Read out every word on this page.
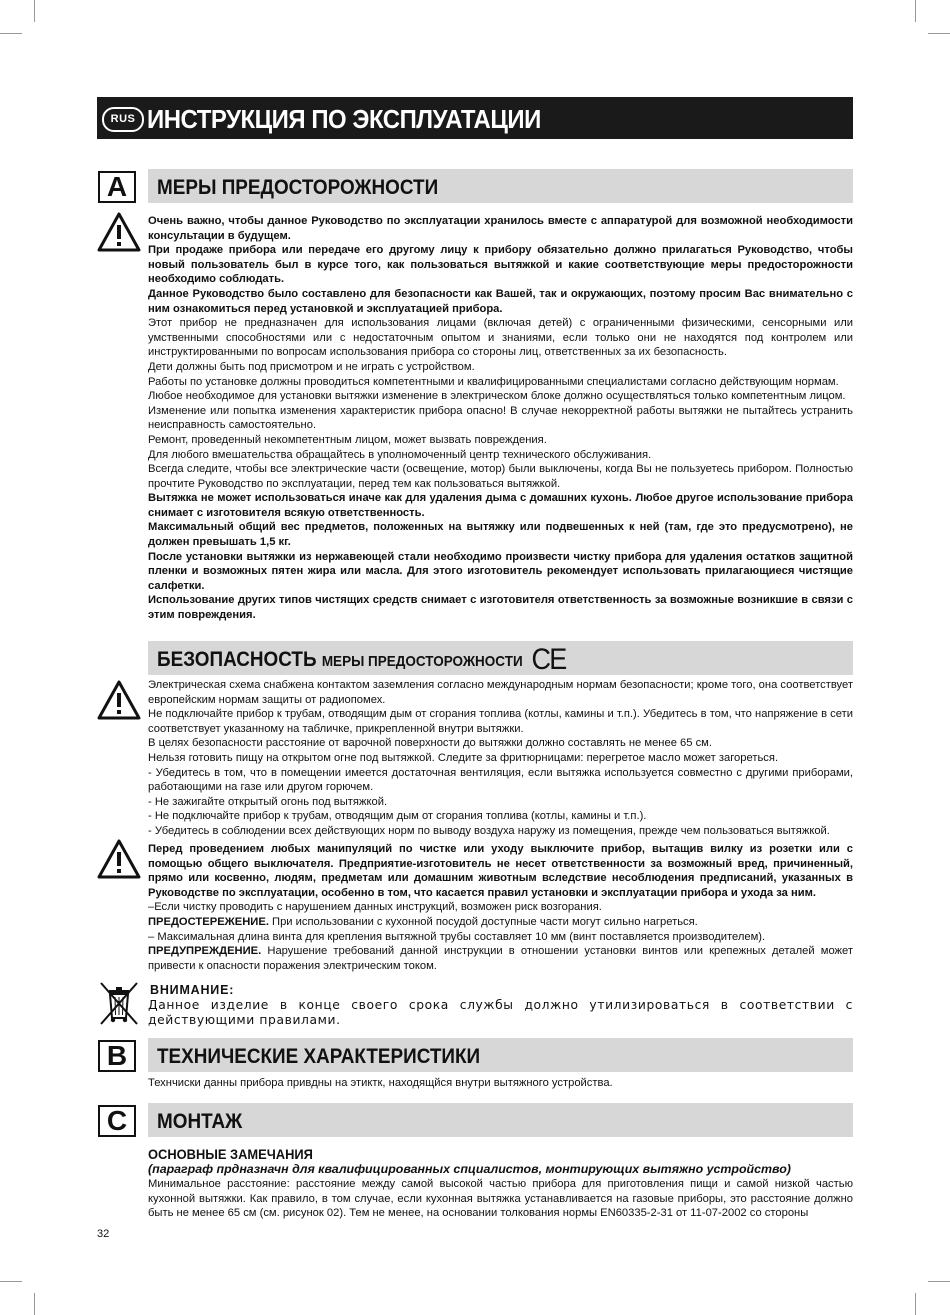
RUS ИНСТРУКЦИЯ ПО ЭКСПЛУАТАЦИИ
A	МЕРЫ ПРЕДОСТОРОЖНОСТИ

Очень важно, чтобы данное Руководство по эксплуатации хранилось вместе с аппаратурой для возможной необходимости консультации в будущем.

При продаже прибора или передаче его другому лицу к прибору обязательно должно прилагаться Руководство, чтобы новый пользователь был в курсе того, как пользоваться вытяжкой и какие соответствующие меры предосторожности необходимо соблюдать.

Данное Руководство было составлено для безопасности как Вашей, так и окружающих, поэтому просим Вас внимательно с ним ознакомиться перед установкой и эксплуатацией прибора.

Этот прибор не предназначен для использования лицами (включая детей) с ограниченными физическими, сенсорными или умственными способностями или с недостаточным опытом и знаниями, если только они не находятся под контролем или инструктированными по вопросам использования прибора со стороны лиц, ответственных за их безопасность.

Дети должны быть под присмотром и не играть с устройством.

Работы по установке должны проводиться компетентными и квалифицированными специалистами согласно действующим нормам.

Любое необходимое для установки вытяжки изменение в электрическом блоке должно осуществляться только компетентным лицом.

Изменение или попытка изменения характеристик прибора опасно! В случае некорректной работы вытяжки не пытайтесь устранить неисправность самостоятельно.

Ремонт, проведенный некомпетентным лицом, может вызвать повреждения.

Для любого вмешательства обращайтесь в уполномоченный центр технического обслуживания.

Всегда следите, чтобы все электрические части (освещение, мотор) были выключены, когда Вы не пользуетесь прибором. Полностью прочтите Руководство по эксплуатации, перед тем как пользоваться вытяжкой.

Вытяжка не может использоваться иначе как для удаления дыма с домашних кухонь. Любое другое использование прибора снимает с изготовителя всякую ответственность.

Максимальный общий вес предметов, положенных на вытяжку или подвешенных к ней (там, где это предусмотрено), не должен превышать 1,5 кг.

После установки вытяжки из нержавеющей стали необходимо произвести чистку прибора для удаления остатков защитной пленки и возможных пятен жира или масла. Для этого изготовитель рекомендует использовать прилагающиеся чистящие салфетки.

Использование других типов чистящих средств снимает с изготовителя ответственность за возможные возникшие в связи с этим повреждения.

БЕЗОПАСНОСТЬ МЕРЫ ПРЕДОСТОРОЖНОСТИ CE

Электрическая схема снабжена контактом заземления согласно международным нормам безопасности; кроме того, она соответствует европейским нормам защиты от радиопомех.

Не подключайте прибор к трубам, отводящим дым от сгорания топлива (котлы, камины и т.п.). Убедитесь в том, что напряжение в сети соответствует указанному на табличке, прикрепленной внутри вытяжки.

В целях безопасности расстояние от варочной поверхности до вытяжки должно составлять не менее 65 см.

Нельзя готовить пищу на открытом огне под вытяжкой. Следите за фритюрницами: перегретое масло может загореться.

- Убедитесь в том, что в помещении имеется достаточная вентиляция, если вытяжка используется совместно с другими приборами, работающими на газе или другом горючем.

- Не зажигайте открытый огонь под вытяжкой.

- Не подключайте прибор к трубам, отводящим дым от сгорания топлива (котлы, камины и т.п.).

- Убедитесь в соблюдении всех действующих норм по выводу воздуха наружу из помещения, прежде чем пользоваться вытяжкой.

Перед проведением любых манипуляций по чистке или уходу выключите прибор, вытащив вилку из розетки или с помощью общего выключателя. Предприятие-изготовитель не несет ответственности за возможный вред, причиненный, прямо или косвенно, людям, предметам или домашним животным вследствие несоблюдения предписаний, указанных в Руководстве по эксплуатации, особенно в том, что касается правил установки и эксплуатации прибора и ухода за ним.

–Если чистку проводить с нарушением данных инструкций, возможен риск возгорания.

ПРЕДОСТЕРЕЖЕНИЕ. При использовании с кухонной посудой доступные части могут сильно нагреться.

– Максимальная длина винта для крепления вытяжной трубы составляет 10 мм (винт поставляется производителем).

ПРЕДУПРЕЖДЕНИЕ. Нарушение требований данной инструкции в отношении установки винтов или крепежных деталей может привести к опасности поражения электрическим током.

ВНИМАНИЕ:
Данное изделие в конце своего срока службы должно утилизироваться в соответствии с действующими правилами.
B	ТЕХНИЧЕСКИЕ ХАРАКТЕРИСТИКИ
Технчиски данны прибора привдны на этиктк, находящйся внутри вытяжного устройства.
C	МОНТАЖ
ОСНОВНЫЕ ЗАМЕЧАНИЯ
(параграф прдназначн для квалифицированных спциалистов, монтирующих вытяжно устройство)

Минимальное расстояние: расстояние между самой высокой частью прибора для приготовления пищи и самой низкой частью кухонной вытяжки. Как правило, в том случае, если кухонная вытяжка устанавливается на газовые приборы, это расстояние должно быть не менее 65 см (см. рисунок 02). Тем не менее, на основании толкования нормы EN60335-2-31 от 11-07-2002 со стороны

32
